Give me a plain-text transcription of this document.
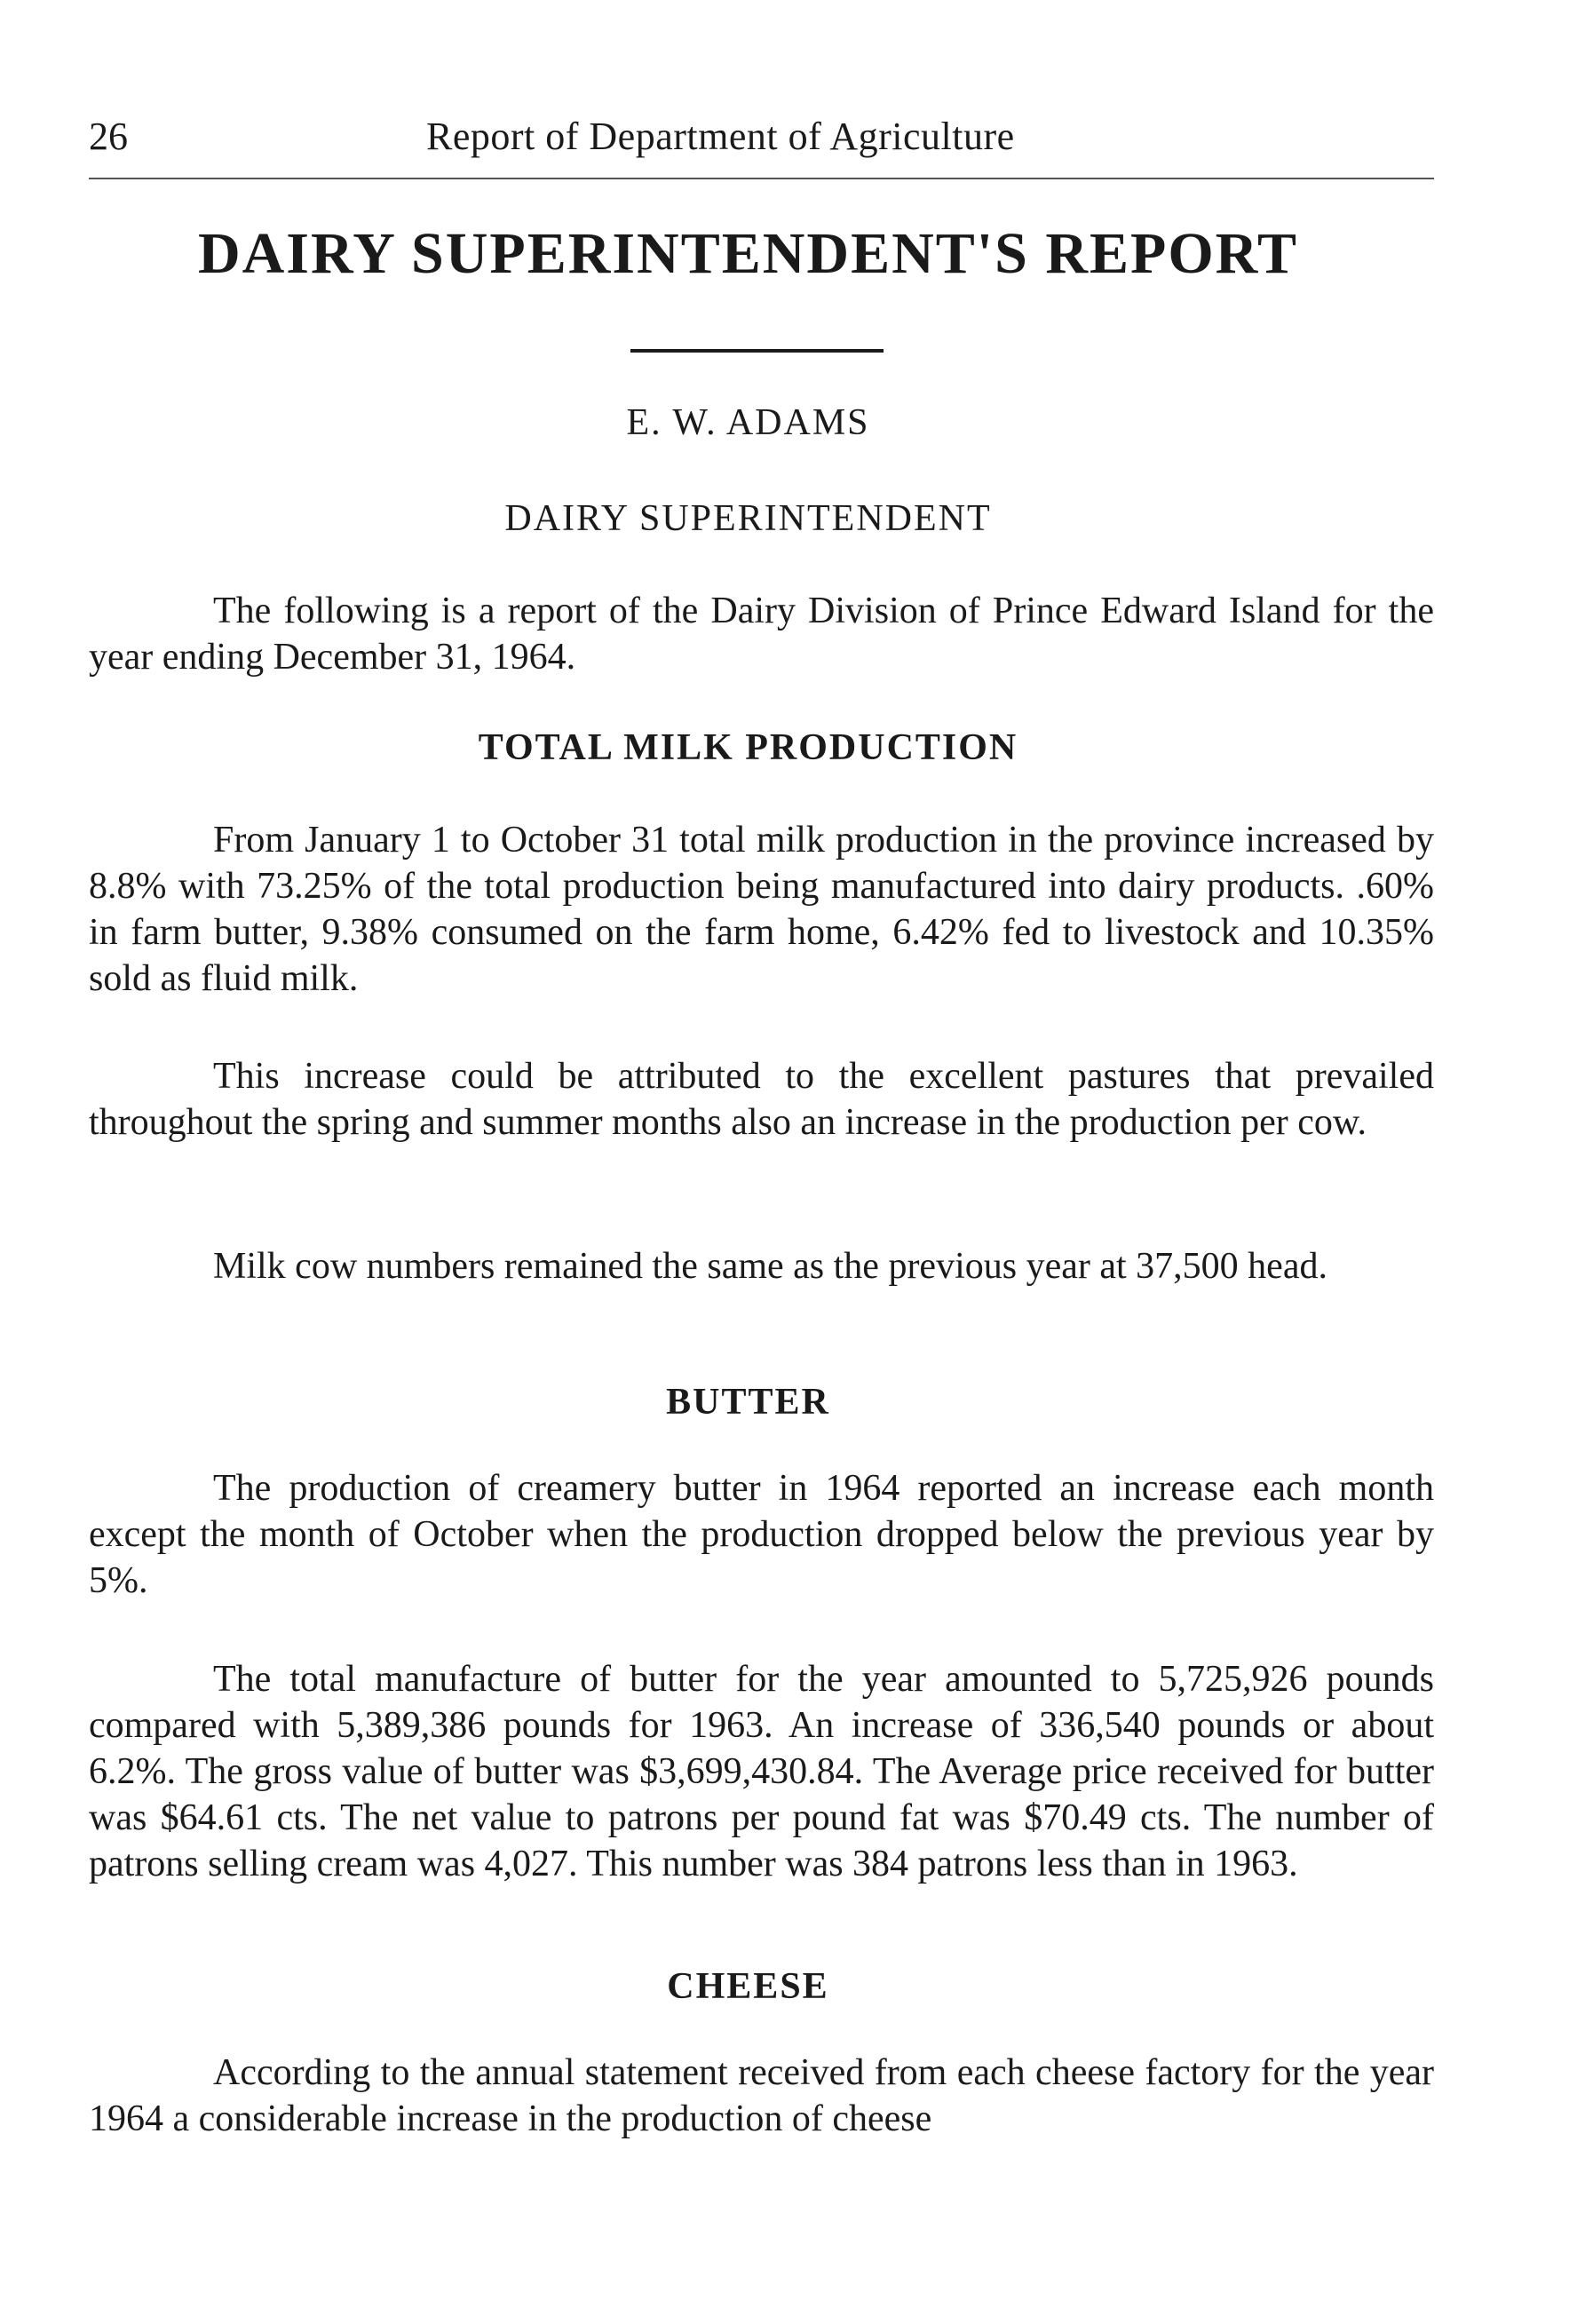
26	Report of Department of Agriculture
DAIRY SUPERINTENDENT'S REPORT
E. W. ADAMS
DAIRY SUPERINTENDENT

The following is a report of the Dairy Division of Prince Edward Island for the year ending December 31, 1964.

TOTAL MILK PRODUCTION

From January 1 to October 31 total milk production in the province increased by 8.8% with 73.25% of the total production being manufactured into dairy products. .60% in farm butter, 9.38% consumed on the farm home, 6.42% fed to livestock and 10.35% sold as fluid milk.

This increase could be attributed to the excellent pastures that prevailed throughout the spring and summer months also an increase in the production per cow.

Milk cow numbers remained the same as the previous year at 37,500 head.

BUTTER

The production of creamery butter in 1964 reported an increase each month except the month of October when the production dropped below the previous year by 5%.

The total manufacture of butter for the year amounted to 5,725,926 pounds compared with 5,389,386 pounds for 1963. An increase of 336,540 pounds or about 6.2%. The gross value of butter was $3,699,430.84. The Average price received for butter was $64.61 cts. The net value to patrons per pound fat was $70.49 cts. The number of patrons selling cream was 4,027. This number was 384 patrons less than in 1963.

CHEESE

According to the annual statement received from each cheese factory for the year 1964 a considerable increase in the production of cheese
